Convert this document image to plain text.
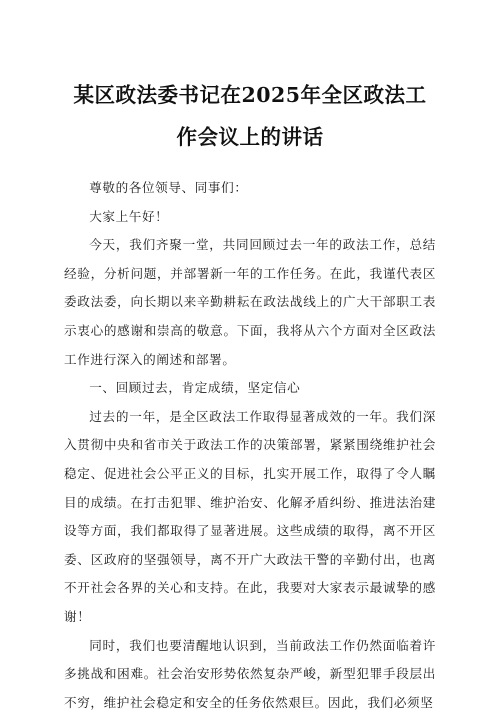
某区政法委书记在2025年全区政法工
作会议上的讲话

尊敬的各位领导、同事们：

大家上午好！

今天，我们齐聚一堂，共同回顾过去一年的政法工作，总结经验，分析问题，并部署新一年的工作任务。在此，我谨代表区委政法委，向长期以来辛勤耕耘在政法战线上的广大干部职工表示衷心的感谢和崇高的敬意。下面，我将从六个方面对全区政法工作进行深入的阐述和部署。

一、回顾过去，肯定成绩，坚定信心

过去的一年，是全区政法工作取得显著成效的一年。我们深入贯彻中央和省市关于政法工作的决策部署，紧紧围绕维护社会稳定、促进社会公平正义的目标，扎实开展工作，取得了令人瞩目的成绩。在打击犯罪、维护治安、化解矛盾纠纷、推进法治建设等方面，我们都取得了显著进展。这些成绩的取得，离不开区委、区政府的坚强领导，离不开广大政法干警的辛勤付出，也离不开社会各界的关心和支持。在此，我要对大家表示最诚挚的感谢！

同时，我们也要清醒地认识到，当前政法工作仍然面临着许多挑战和困难。社会治安形势依然复杂严峻，新型犯罪手段层出不穷，维护社会稳定和安全的任务依然艰巨。因此，我们必须坚
